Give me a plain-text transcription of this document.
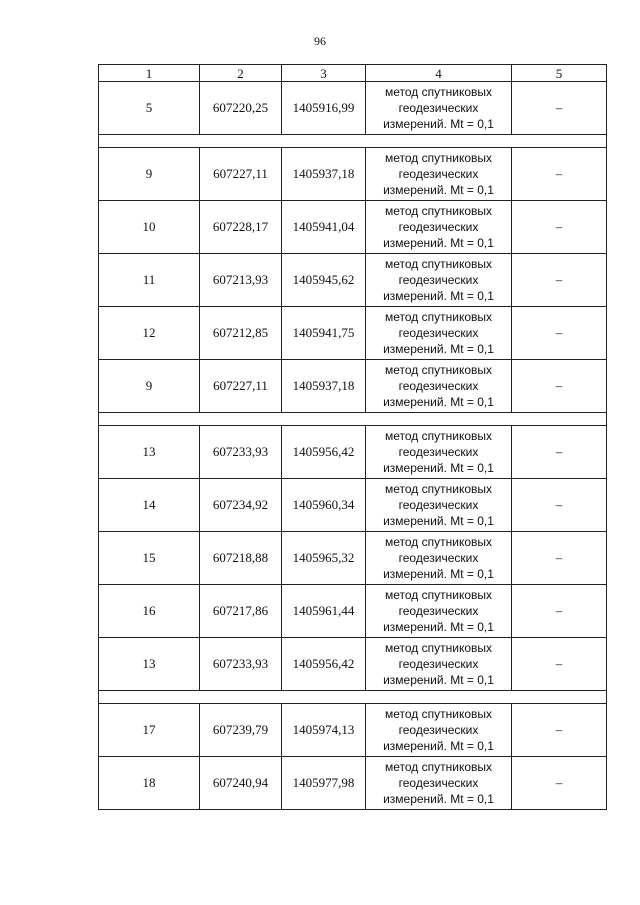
96
1	2	3	4	5
5	607220,25	1405916,99	метод спутниковых геодезических измерений. Mt = 0,1	–

9	607227,11	1405937,18	метод спутниковых геодезических измерений. Mt = 0,1	–
10	607228,17	1405941,04	метод спутниковых геодезических измерений. Mt = 0,1	–
11	607213,93	1405945,62	метод спутниковых геодезических измерений. Mt = 0,1	–
12	607212,85	1405941,75	метод спутниковых геодезических измерений. Mt = 0,1	–
9	607227,11	1405937,18	метод спутниковых геодезических измерений. Mt = 0,1	–

13	607233,93	1405956,42	метод спутниковых геодезических измерений. Mt = 0,1	–
14	607234,92	1405960,34	метод спутниковых геодезических измерений. Mt = 0,1	–
15	607218,88	1405965,32	метод спутниковых геодезических измерений. Mt = 0,1	–
16	607217,86	1405961,44	метод спутниковых геодезических измерений. Mt = 0,1	–
13	607233,93	1405956,42	метод спутниковых геодезических измерений. Mt = 0,1	–

17	607239,79	1405974,13	метод спутниковых геодезических измерений. Mt = 0,1	–
18	607240,94	1405977,98	метод спутниковых геодезических измерений. Mt = 0,1	–
